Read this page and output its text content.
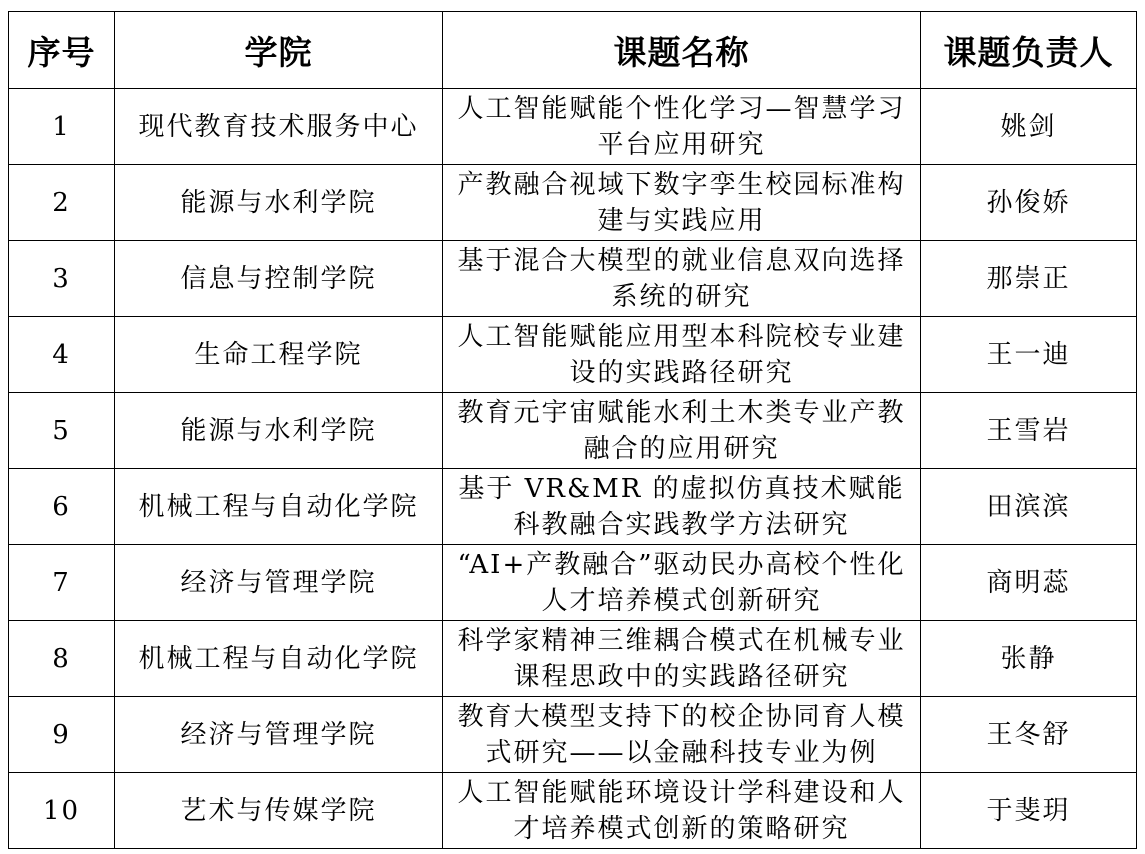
序号	学院	课题名称	课题负责人
1	现代教育技术服务中心	人工智能赋能个性化学习—智慧学习平台应用研究	姚剑
2	能源与水利学院	产教融合视域下数字孪生校园标准构建与实践应用	孙俊娇
3	信息与控制学院	基于混合大模型的就业信息双向选择系统的研究	那崇正
4	生命工程学院	人工智能赋能应用型本科院校专业建设的实践路径研究	王一迪
5	能源与水利学院	教育元宇宙赋能水利土木类专业产教融合的应用研究	王雪岩
6	机械工程与自动化学院	基于 VR&MR 的虚拟仿真技术赋能科教融合实践教学方法研究	田滨滨
7	经济与管理学院	“AI+产教融合”驱动民办高校个性化人才培养模式创新研究	商明蕊
8	机械工程与自动化学院	科学家精神三维耦合模式在机械专业课程思政中的实践路径研究	张静
9	经济与管理学院	教育大模型支持下的校企协同育人模式研究——以金融科技专业为例	王冬舒
10	艺术与传媒学院	人工智能赋能环境设计学科建设和人才培养模式创新的策略研究	于斐玥
